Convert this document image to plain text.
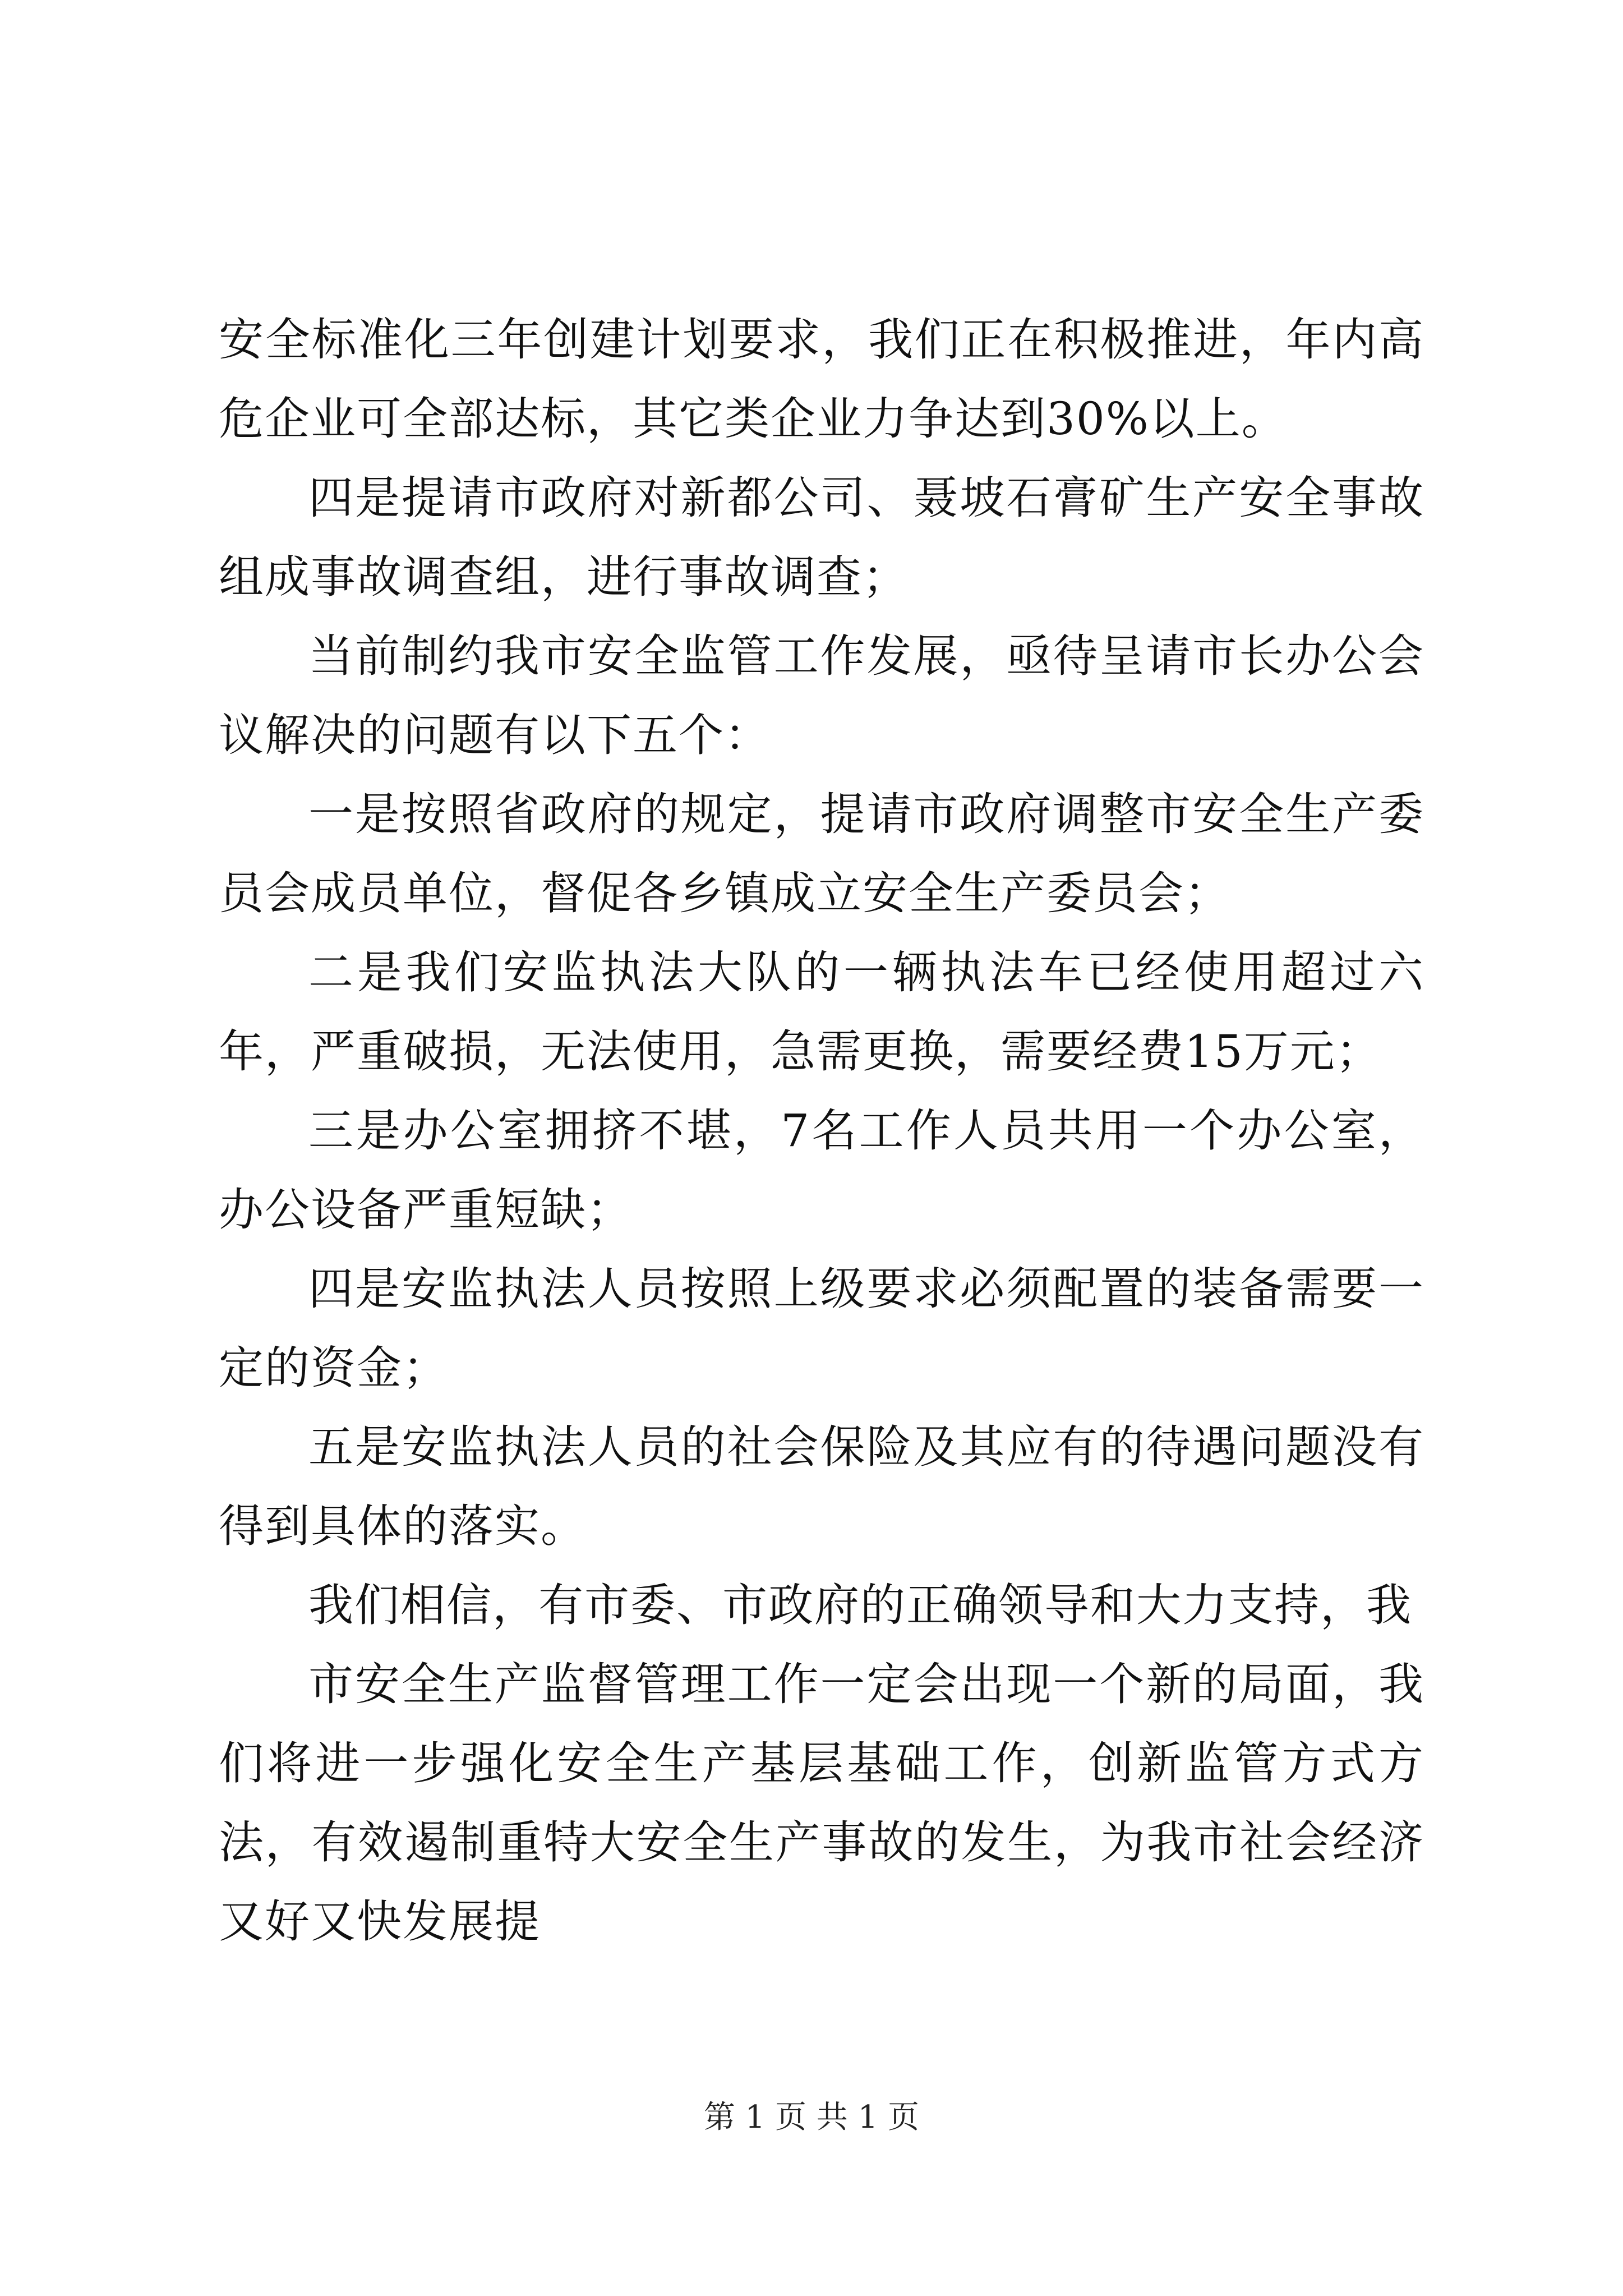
安全标准化三年创建计划要求，我们正在积极推进，年内高危企业可全部达标，其它类企业力争达到30%以上。

四是提请市政府对新都公司、聂坡石膏矿生产安全事故组成事故调查组，进行事故调查；

当前制约我市安全监管工作发展，亟待呈请市长办公会议解决的问题有以下五个：

一是按照省政府的规定，提请市政府调整市安全生产委员会成员单位，督促各乡镇成立安全生产委员会；

二是我们安监执法大队的一辆执法车已经使用超过六年，严重破损，无法使用，急需更换，需要经费15万元；

三是办公室拥挤不堪，7名工作人员共用一个办公室，办公设备严重短缺；

四是安监执法人员按照上级要求必须配置的装备需要一定的资金；

五是安监执法人员的社会保险及其应有的待遇问题没有得到具体的落实。

我们相信，有市委、市政府的正确领导和大力支持，我

市安全生产监督管理工作一定会出现一个新的局面，我们将进一步强化安全生产基层基础工作，创新监管方式方法，有效遏制重特大安全生产事故的发生，为我市社会经济又好又快发展提

第 1 页 共 1 页
